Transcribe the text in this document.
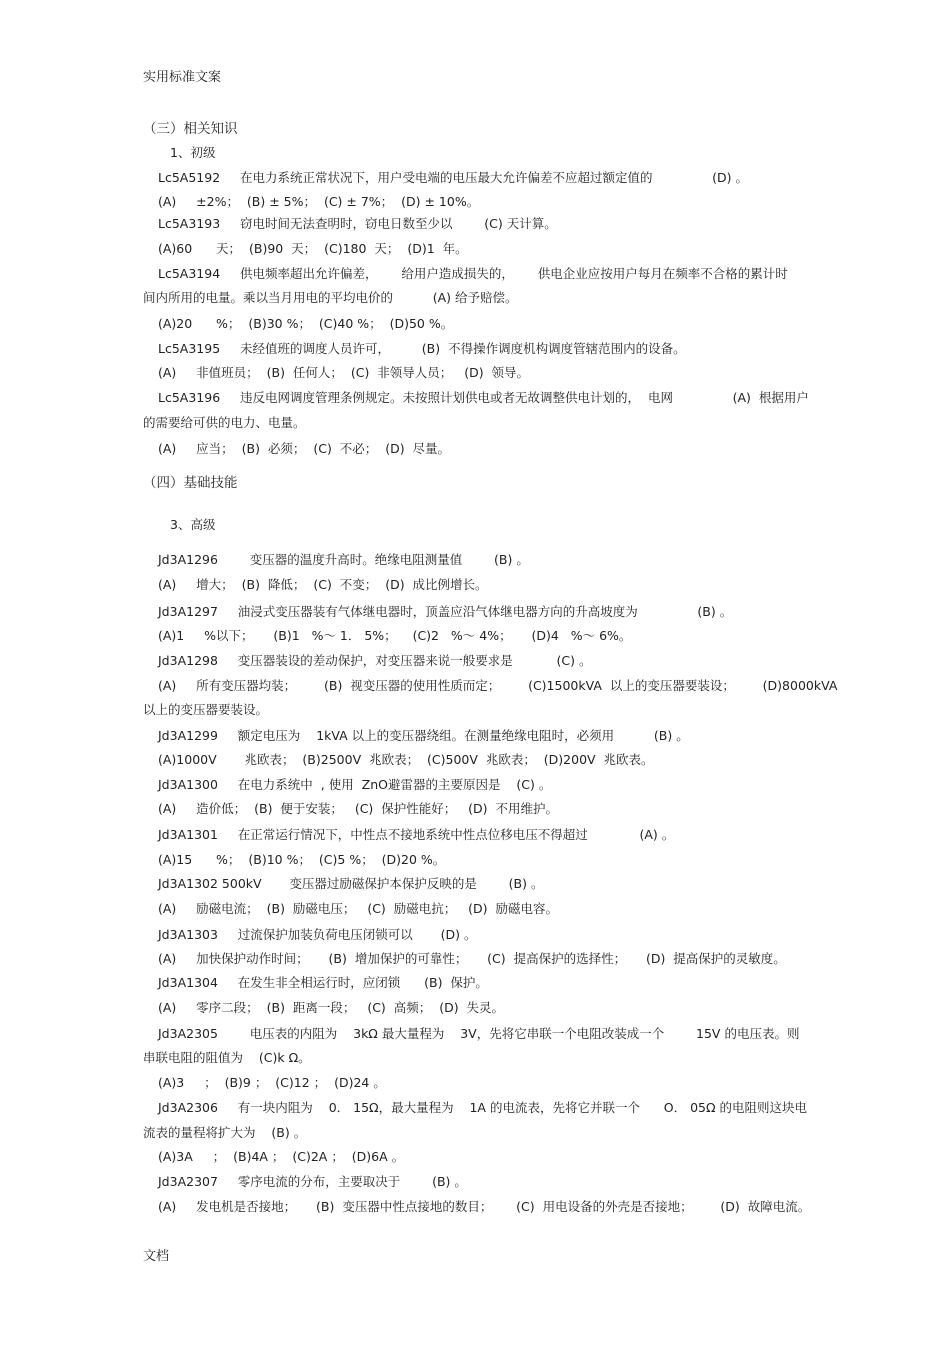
实用标准文案
（三）相关知识
1、初级
Lc5A5192     在电力系统正常状况下，用户受电端的电压最大允许偏差不应超过额定值的               (D) 。
(A)     ±2%；  (B) ± 5%；  (C) ± 7%；  (D) ± 10%。
Lc5A3193     窃电时间无法查明时，窃电日数至少以        (C) 天计算。
(A)60      天；  (B)90  天；  (C)180  天；  (D)1  年。
Lc5A3194     供电频率超出允许偏差，      给用户造成损失的，      供电企业应按用户每月在频率不合格的累计时
间内所用的电量。乘以当月用电的平均电价的          (A) 给予赔偿。
(A)20      %；  (B)30 %；  (C)40 %；  (D)50 %。
Lc5A3195     未经值班的调度人员许可，        (B)  不得操作调度机构调度管辖范围内的设备。
(A)     非值班员；  (B)  任何人；  (C)  非领导人员；   (D)  领导。
Lc5A3196     违反电网调度管理条例规定。未按照计划供电或者无故调整供电计划的，  电网               (A)  根据用户
的需要给可供的电力、电量。
(A)     应当；  (B)  必须；  (C)  不必；  (D)  尽量。
（四）基础技能
3、高级
Jd3A1296        变压器的温度升高时。绝缘电阻测量值        (B) 。
(A)     增大；  (B)  降低；  (C)  不变；  (D)  成比例增长。
Jd3A1297     油浸式变压器装有气体继电器时，顶盖应沿气体继电器方向的升高坡度为               (B) 。
(A)1     %以下；     (B)1   %～ 1． 5%；    (C)2   %～ 4%；     (D)4   %～ 6%。
Jd3A1298     变压器装设的差动保护，对变压器来说一般要求是           (C) 。
(A)     所有变压器均装；       (B)  视变压器的使用性质而定；       (C)1500kVA  以上的变压器要装设；       (D)8000kVA
以上的变压器要装设。
Jd3A1299     额定电压为    1kVA 以上的变压器绕组。在测量绝缘电阻时，必须用          (B) 。
(A)1000V       兆欧表；  (B)2500V  兆欧表；  (C)500V  兆欧表；  (D)200V  兆欧表。
Jd3A1300     在电力系统中  , 使用  ZnO避雷器的主要原因是    (C) 。
(A)     造价低；  (B)  便于安装；   (C)  保护性能好；   (D)  不用维护。
Jd3A1301     在正常运行情况下，中性点不接地系统中性点位移电压不得超过             (A) 。
(A)15      %；  (B)10 %；  (C)5 %；  (D)20 %。
Jd3A1302 500kV       变压器过励磁保护本保护反映的是        (B) 。
(A)     励磁电流；  (B)  励磁电压；   (C)  励磁电抗；   (D)  励磁电容。
Jd3A1303     过流保护加装负荷电压闭锁可以       (D) 。
(A)     加快保护动作时间；     (B)  增加保护的可靠性；     (C)  提高保护的选择性；     (D)  提高保护的灵敏度。
Jd3A1304     在发生非全相运行时，应闭锁      (B)  保护。
(A)     零序二段；  (B)  距离一段；   (C)  高频；  (D)  失灵。
Jd3A2305        电压表的内阻为    3kΩ 最大量程为    3V，先将它串联一个电阻改装成一个        15V 的电压表。则
串联电阻的阻值为    (C)k Ω。
(A)3     ；  (B)9 ；  (C)12 ；  (D)24 。
Jd3A2306     有一块内阻为    0． 15Ω，最大量程为    1A 的电流表，先将它并联一个      O． 05Ω 的电阻则这块电
流表的量程将扩大为    (B) 。
(A)3A     ；  (B)4A ；  (C)2A ；  (D)6A 。
Jd3A2307     零序电流的分布，主要取决于        (B) 。
(A)     发电机是否接地；     (B)  变压器中性点接地的数目；      (C)  用电设备的外壳是否接地；       (D)  故障电流。
文档
